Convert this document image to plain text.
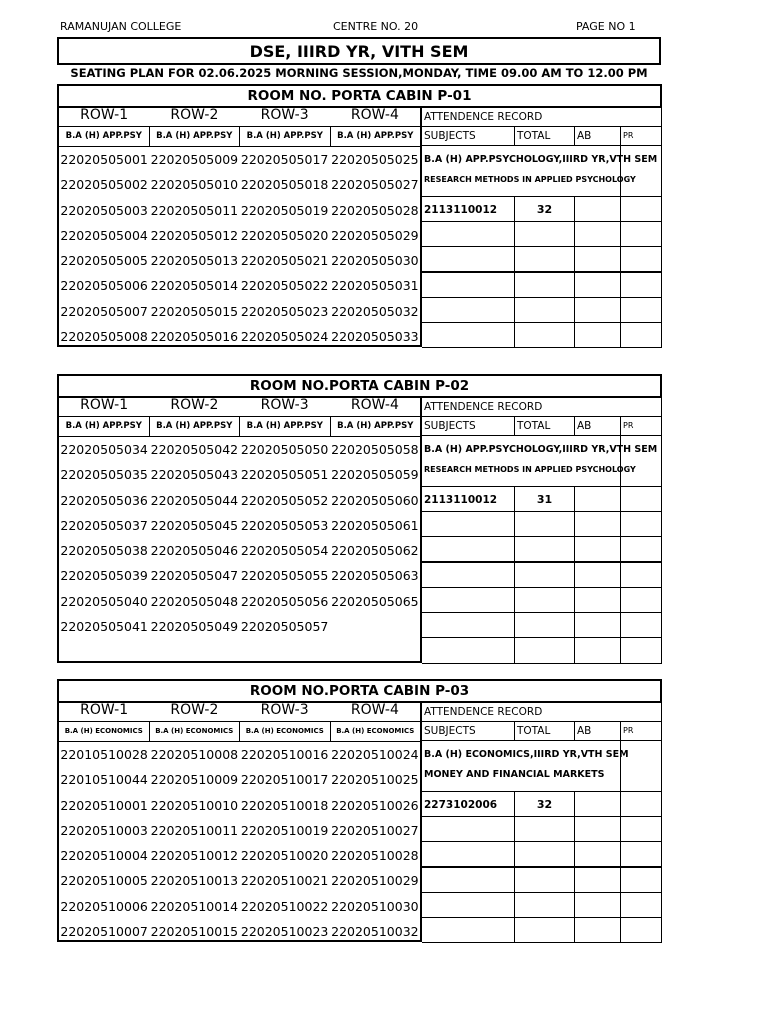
RAMANUJAN COLLEGE	CENTRE NO. 20	PAGE NO 1
DSE, IIIRD YR, VITH SEM
SEATING PLAN FOR 02.06.2025 MORNING SESSION,MONDAY, TIME 09.00 AM TO 12.00 PM
ROOM NO. PORTA CABIN P-01
ROW-1	ROW-2	ROW-3	ROW-4
B.A (H) APP.PSY	B.A (H) APP.PSY	B.A (H) APP.PSY	B.A (H) APP.PSY
22020505001 22020505009 22020505017 22020505025
22020505002 22020505010 22020505018 22020505027
22020505003 22020505011 22020505019 22020505028
22020505004 22020505012 22020505020 22020505029
22020505005 22020505013 22020505021 22020505030
22020505006 22020505014 22020505022 22020505031
22020505007 22020505015 22020505023 22020505032
22020505008 22020505016 22020505024 22020505033
ATTENDENCE RECORD
SUBJECTS	TOTAL	AB	PR
B.A (H) APP.PSYCHOLOGY,IIIRD YR,VTH SEM
RESEARCH METHODS IN APPLIED PSYCHOLOGY
2113110012	32
ROOM NO.PORTA CABIN P-02
ROW-1	ROW-2	ROW-3	ROW-4
B.A (H) APP.PSY	B.A (H) APP.PSY	B.A (H) APP.PSY	B.A (H) APP.PSY
22020505034 22020505042 22020505050 22020505058
22020505035 22020505043 22020505051 22020505059
22020505036 22020505044 22020505052 22020505060
22020505037 22020505045 22020505053 22020505061
22020505038 22020505046 22020505054 22020505062
22020505039 22020505047 22020505055 22020505063
22020505040 22020505048 22020505056 22020505065
22020505041 22020505049 22020505057
ATTENDENCE RECORD
SUBJECTS	TOTAL	AB	PR
B.A (H) APP.PSYCHOLOGY,IIIRD YR,VTH SEM
RESEARCH METHODS IN APPLIED PSYCHOLOGY
2113110012	31
ROOM NO.PORTA CABIN P-03
ROW-1	ROW-2	ROW-3	ROW-4
B.A (H) ECONOMICS	B.A (H) ECONOMICS	B.A (H) ECONOMICS	B.A (H) ECONOMICS
22010510028 22020510008 22020510016 22020510024
22010510044 22020510009 22020510017 22020510025
22020510001 22020510010 22020510018 22020510026
22020510003 22020510011 22020510019 22020510027
22020510004 22020510012 22020510020 22020510028
22020510005 22020510013 22020510021 22020510029
22020510006 22020510014 22020510022 22020510030
22020510007 22020510015 22020510023 22020510032
ATTENDENCE RECORD
SUBJECTS	TOTAL	AB	PR
B.A (H) ECONOMICS,IIIRD YR,VTH SEM
MONEY AND FINANCIAL MARKETS
2273102006	32
